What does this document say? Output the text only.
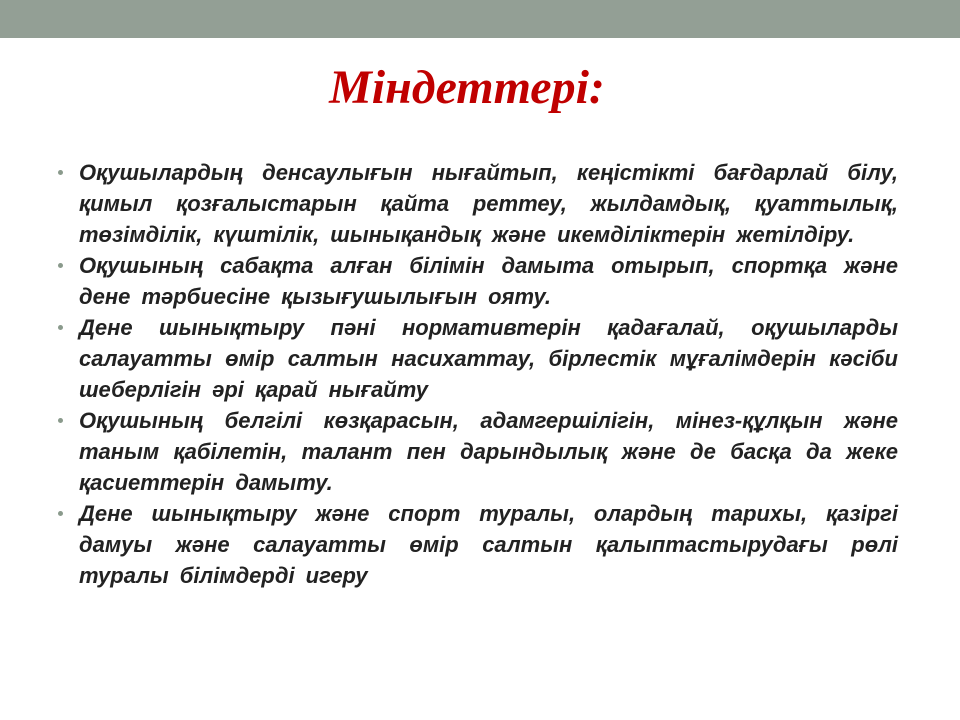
Міндеттері:
Оқушылардың денсаулығын нығайтып, кеңістікті бағдарлай білу, қимыл қозғалыстарын қайта реттеу, жылдамдық, қуаттылық, төзімділік, күштілік, шынықандық және икемділіктерін жетілдіру.
Оқушының сабақта алған білімін дамыта отырып, спортқа және дене тәрбиесіне қызығушылығын ояту.
Дене шынықтыру пәні нормативтерін қадағалай, оқушыларды салауатты өмір салтын насихаттау, бірлестік мұғалімдерін кәсіби шеберлігін әрі қарай нығайту
Оқушының белгілі көзқарасын, адамгершілігін, мінез-құлқын және таным қабілетін, талант пен дарындылық және де басқа да жеке қасиеттерін дамыту.
Дене шынықтыру және спорт туралы, олардың тарихы, қазіргі дамуы және салауатты өмір салтын қалыптастырудағы рөлі туралы білімдерді игеру
